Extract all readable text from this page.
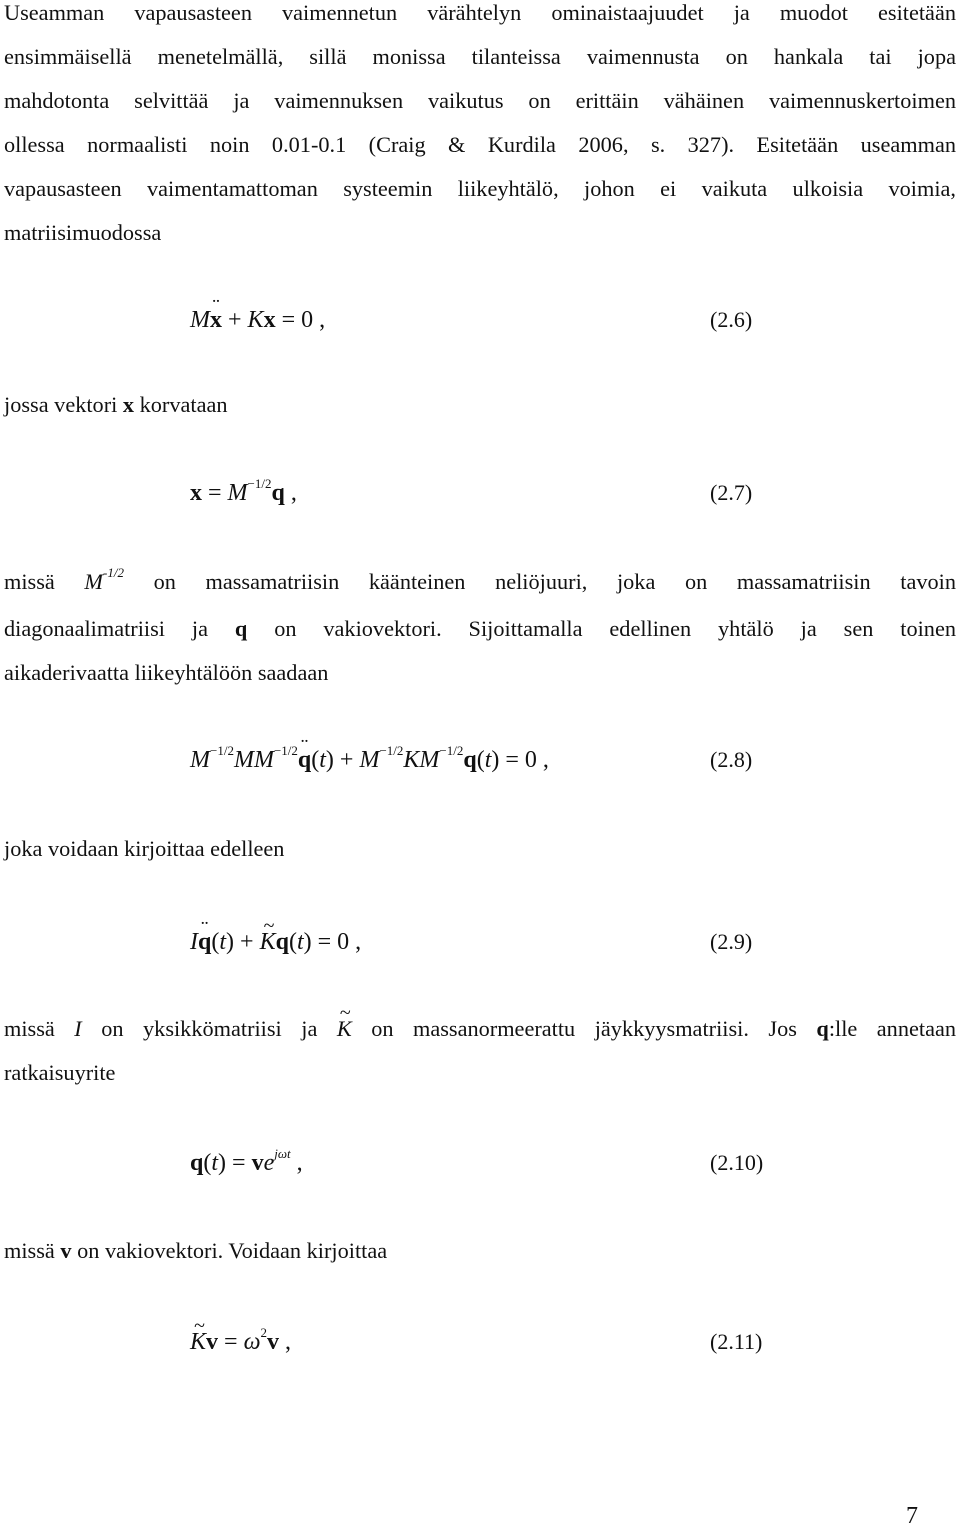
Useamman vapausasteen vaimennetun värähtelyn ominaistaajuudet ja muodot esitetään
ensimmäisellä menetelmällä, sillä monissa tilanteissa vaimennusta on hankala tai jopa
mahdotonta selvittää ja vaimennuksen vaikutus on erittäin vähäinen vaimennuskertoimen
ollessa normaalisti noin 0.01-0.1 (Craig & Kurdila 2006, s. 327). Esitetään useamman
vapausasteen vaimentamattoman systeemin liikeyhtälö, johon ei vaikuta ulkoisia voimia,
matriisimuodossa
M¨ x + Kx = 0 ,	(2.6)
jossa vektori x korvataan
$x = M^{-1/2}q$ ,	(2.7)
missä $M^{-1/2}$ on massamatriisin käänteinen neliöjuuri, joka on massamatriisin tavoin
diagonaalimatriisi ja q on vakiovektori. Sijoittamalla edellinen yhtälö ja sen toinen
aikaderivaatta liikeyhtälöön saadaan
$M^{-1/2}MM^{-1/2}¨$ $q(t) + M^{-1/2}KM^{-1/2}q(t) = 0$ ,	(2.8)
joka voidaan kirjoittaa edelleen
I¨ q(t) + ~ Kq(t) = 0 ,	(2.9)
missä I on yksikkömatriisi ja ~ K on massanormeerattu jäykkyysmatriisi. Jos q:lle annetaan
ratkaisuyrite
$q(t) = ve^{j\omega t}$ ,	(2.10)
missä v on vakiovektori. Voidaan kirjoittaa
~ $Kv = \omega^2v$ ,	(2.11)
7
